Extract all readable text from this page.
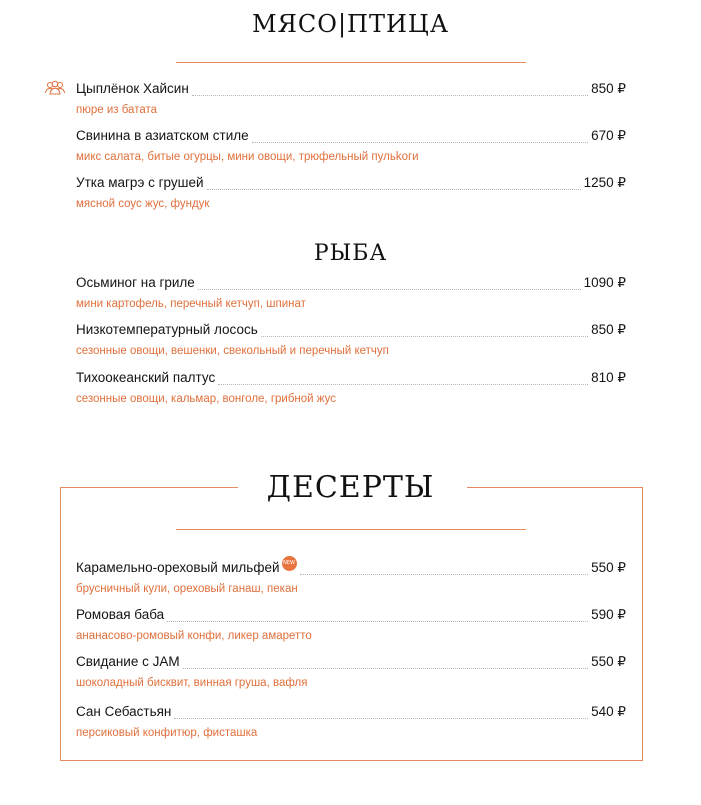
МЯСО|ПТИЦА
Цыплёнок Хайсин	850 ₽
пюре из батата
Свинина в азиатском стиле	670 ₽
микс салата, битые огурцы, мини овощи, трюфельный пульkoги
Утка магрэ с грушей	1250 ₽
мясной соус жус, фундук
РЫБА
Осьминог на гриле	1090 ₽
мини картофель, перечный кетчуп, шпинат
Низкотемпературный лосось	850 ₽
сезонные овощи, вешенки, свекольный и перечный кетчуп
Тихоокеанский палтус	810 ₽
сезонные овощи, кальмар, вонголе, грибной жус
ДЕСЕРТЫ
Карамельно-ореховый мильфей NEW	550 ₽
брусничный кули, ореховый ганаш, пекан
Ромовая баба	590 ₽
ананасово-ромовый конфи, ликер амаретто
Свидание с JAM	550 ₽
шоколадный бисквит, винная груша, вафля
Сан Себастьян	540 ₽
персиковый конфитюр, фисташка
